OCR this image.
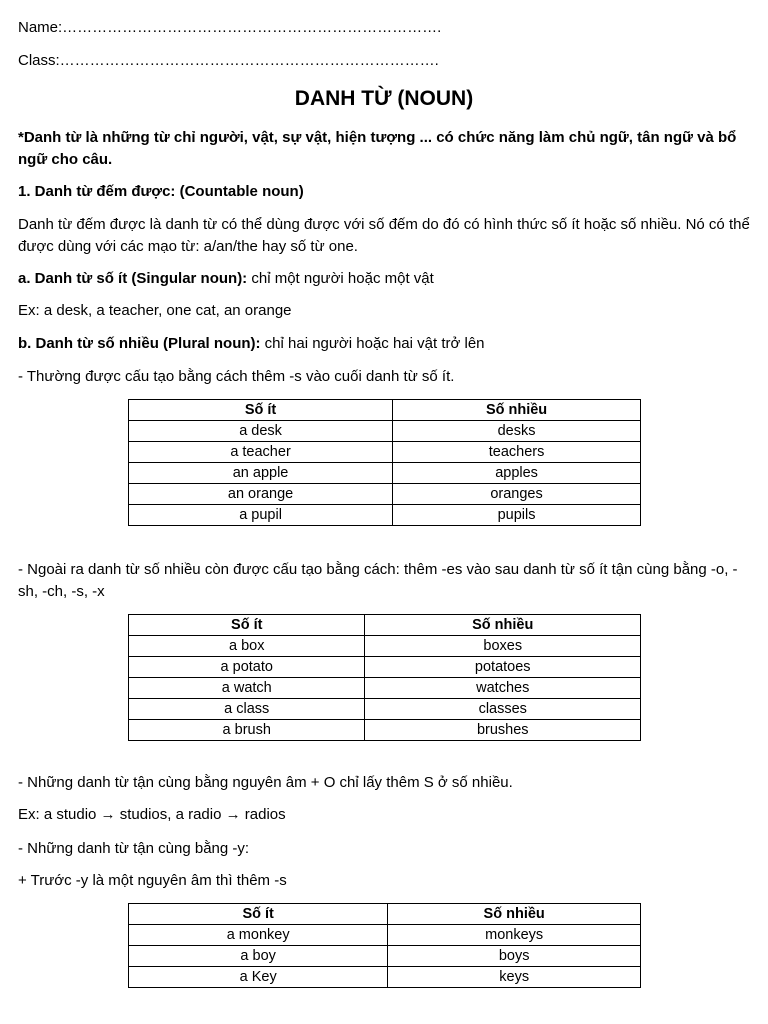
Name:………………………………………………………………….
Class:………………………………………………………………….
DANH TỪ (NOUN)
*Danh từ là những từ chỉ người, vật, sự vật, hiện tượng ... có chức năng làm chủ ngữ, tân ngữ và bổ ngữ cho câu.
1. Danh từ đếm được: (Countable noun)
Danh từ đếm được là danh từ có thể dùng được với số đếm do đó có hình thức số ít hoặc số nhiều. Nó có thể được dùng với các mạo từ: a/an/the hay số từ one.
a. Danh từ số ít (Singular noun): chỉ một người hoặc một vật
Ex: a desk, a teacher, one cat, an orange
b. Danh từ số nhiều (Plural noun): chỉ hai người hoặc hai vật trở lên
- Thường được cấu tạo bằng cách thêm -s vào cuối danh từ số ít.
Số ít	Số nhiều
a desk	desks
a teacher	teachers
an apple	apples
an orange	oranges
a pupil	pupils
- Ngoài ra danh từ số nhiều còn được cấu tạo bằng cách: thêm -es vào sau danh từ số ít tận cùng bằng -o, -sh, -ch, -s, -x
Số ít	Số nhiều
a box	boxes
a potato	potatoes
a watch	watches
a class	classes
a brush	brushes
- Những danh từ tận cùng bằng nguyên âm + O chỉ lấy thêm S ở số nhiều.
Ex: a studio → studios, a radio → radios
- Những danh từ tận cùng bằng -y:
+ Trước -y là một nguyên âm thì thêm -s
Số ít	Số nhiều
a monkey	monkeys
a boy	boys
a Key	keys
